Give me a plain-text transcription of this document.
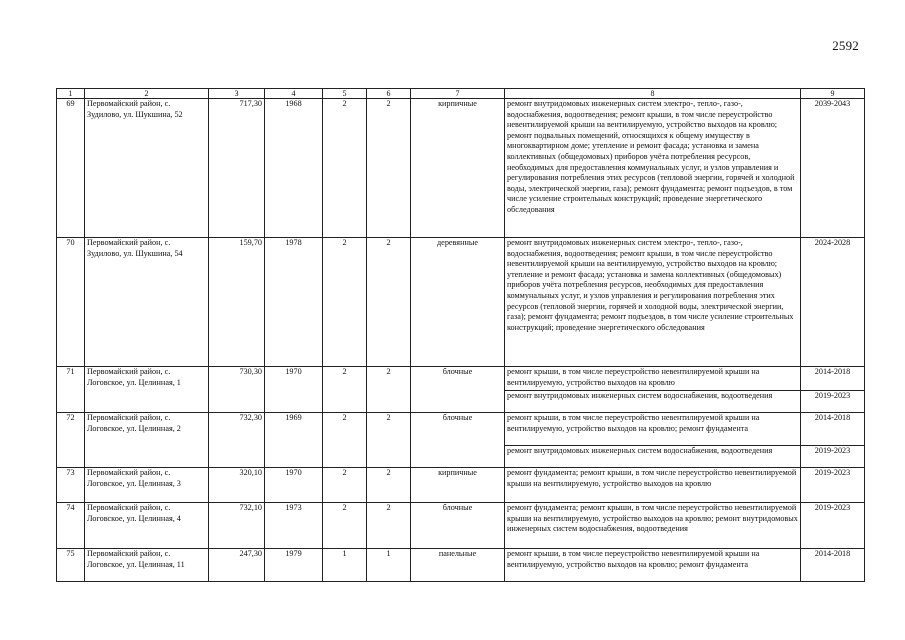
2592
1	2	3	4	5	6	7	8	9
69	Первомайский район, с. Зудилово, ул. Шукшина, 52	717,30	1968	2	2	кирпичные	ремонт внутридомовых инженерных систем электро-, тепло-, газо-, водоснабжения, водоотведения; ремонт крыши, в том числе переустройство невентилируемой крыши на вентилируемую, устройство выходов на кровлю; ремонт подвальных помещений, относящихся к общему имуществу в многоквартирном доме; утепление и ремонт фасада; установка и замена коллективных (общедомовых) приборов учёта потребления ресурсов, необходимых для предоставления коммунальных услуг, и узлов управления и регулирования потребления этих ресурсов (тепловой энергии, горячей и холодной воды, электрической энергии, газа); ремонт фундамента; ремонт подъездов, в том числе усиление строительных конструкций; проведение энергетического обследования	2039-2043
70	Первомайский район, с. Зудилово, ул. Шукшина, 54	159,70	1978	2	2	деревянные	ремонт внутридомовых инженерных систем электро-, тепло-, газо-, водоснабжения, водоотведения; ремонт крыши, в том числе переустройство невентилируемой крыши на вентилируемую, устройство выходов на кровлю; утепление и ремонт фасада; установка и замена коллективных (общедомовых) приборов учёта потребления ресурсов, необходимых для предоставления коммунальных услуг, и узлов управления и регулирования потребления этих ресурсов (тепловой энергии, горячей и холодной воды, электрической энергии, газа); ремонт фундамента; ремонт подъездов, в том числе усиление строительных конструкций; проведение энергетического обследования	2024-2028
71	Первомайский район, с. Логовское, ул. Целинная, 1	730,30	1970	2	2	блочные	ремонт крыши, в том числе переустройство невентилируемой крыши на вентилируемую, устройство выходов на кровлю	2014-2018
							ремонт внутридомовых инженерных систем водоснабжения, водоотведения	2019-2023
72	Первомайский район, с. Логовское, ул. Целинная, 2	732,30	1969	2	2	блочные	ремонт крыши, в том числе переустройство невентилируемой крыши на вентилируемую, устройство выходов на кровлю; ремонт фундамента	2014-2018
							ремонт внутридомовых инженерных систем водоснабжения, водоотведения	2019-2023
73	Первомайский район, с. Логовское, ул. Целинная, 3	320,10	1970	2	2	кирпичные	ремонт фундамента; ремонт крыши, в том числе переустройство невентилируемой крыши на вентилируемую, устройство выходов на кровлю	2019-2023
74	Первомайский район, с. Логовское, ул. Целинная, 4	732,10	1973	2	2	блочные	ремонт фундамента; ремонт крыши, в том числе переустройство невентилируемой крыши на вентилируемую, устройство выходов на кровлю; ремонт внутридомовых инженерных систем водоснабжения, водоотведения	2019-2023
75	Первомайский район, с. Логовское, ул. Целинная, 11	247,30	1979	1	1	панельные	ремонт крыши, в том числе переустройство невентилируемой крыши на вентилируемую, устройство выходов на кровлю; ремонт фундамента	2014-2018
